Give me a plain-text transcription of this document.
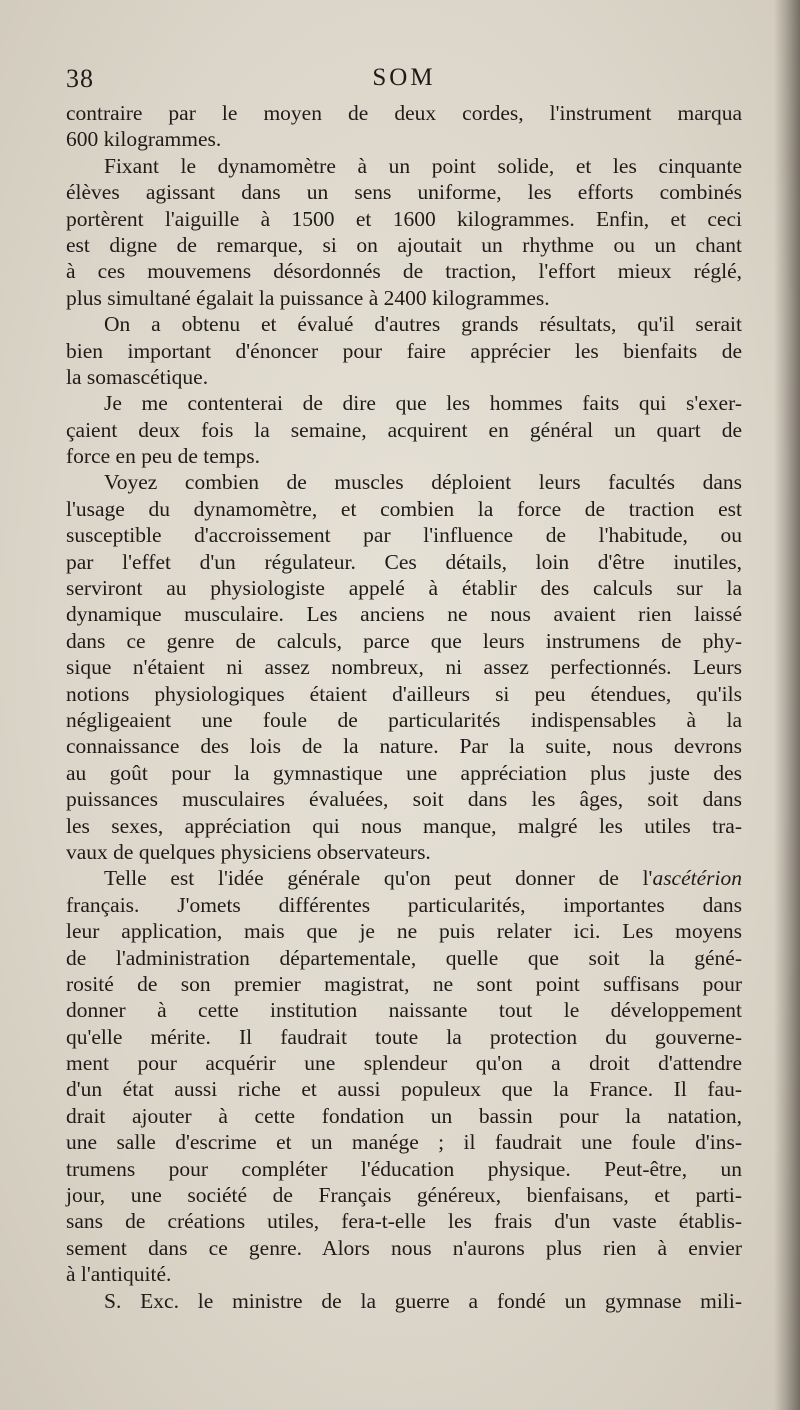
38	SOM
contraire par le moyen de deux cordes, l'instrument marqua
600 kilogrammes.
Fixant le dynamomètre à un point solide, et les cinquante
élèves agissant dans un sens uniforme, les efforts combinés
portèrent l'aiguille à 1500 et 1600 kilogrammes. Enfin, et ceci
est digne de remarque, si on ajoutait un rhythme ou un chant
à ces mouvemens désordonnés de traction, l'effort mieux réglé,
plus simultané égalait la puissance à 2400 kilogrammes.
On a obtenu et évalué d'autres grands résultats, qu'il serait
bien important d'énoncer pour faire apprécier les bienfaits de
la somascétique.
Je me contenterai de dire que les hommes faits qui s'exer-
çaient deux fois la semaine, acquirent en général un quart de
force en peu de temps.
Voyez combien de muscles déploient leurs facultés dans
l'usage du dynamomètre, et combien la force de traction est
susceptible d'accroissement par l'influence de l'habitude, ou
par l'effet d'un régulateur. Ces détails, loin d'être inutiles,
serviront au physiologiste appelé à établir des calculs sur la
dynamique musculaire. Les anciens ne nous avaient rien laissé
dans ce genre de calculs, parce que leurs instrumens de phy-
sique n'étaient ni assez nombreux, ni assez perfectionnés. Leurs
notions physiologiques étaient d'ailleurs si peu étendues, qu'ils
négligeaient une foule de particularités indispensables à la
connaissance des lois de la nature. Par la suite, nous devrons
au goût pour la gymnastique une appréciation plus juste des
puissances musculaires évaluées, soit dans les âges, soit dans
les sexes, appréciation qui nous manque, malgré les utiles tra-
vaux de quelques physiciens observateurs.
Telle est l'idée générale qu'on peut donner de l'ascétérion
français. J'omets différentes particularités, importantes dans
leur application, mais que je ne puis relater ici. Les moyens
de l'administration départementale, quelle que soit la géné-
rosité de son premier magistrat, ne sont point suffisans pour
donner à cette institution naissante tout le développement
qu'elle mérite. Il faudrait toute la protection du gouverne-
ment pour acquérir une splendeur qu'on a droit d'attendre
d'un état aussi riche et aussi populeux que la France. Il fau-
drait ajouter à cette fondation un bassin pour la natation,
une salle d'escrime et un manége ; il faudrait une foule d'ins-
trumens pour compléter l'éducation physique. Peut-être, un
jour, une société de Français généreux, bienfaisans, et parti-
sans de créations utiles, fera-t-elle les frais d'un vaste établis-
sement dans ce genre. Alors nous n'aurons plus rien à envier
à l'antiquité.
S. Exc. le ministre de la guerre a fondé un gymnase mili-
